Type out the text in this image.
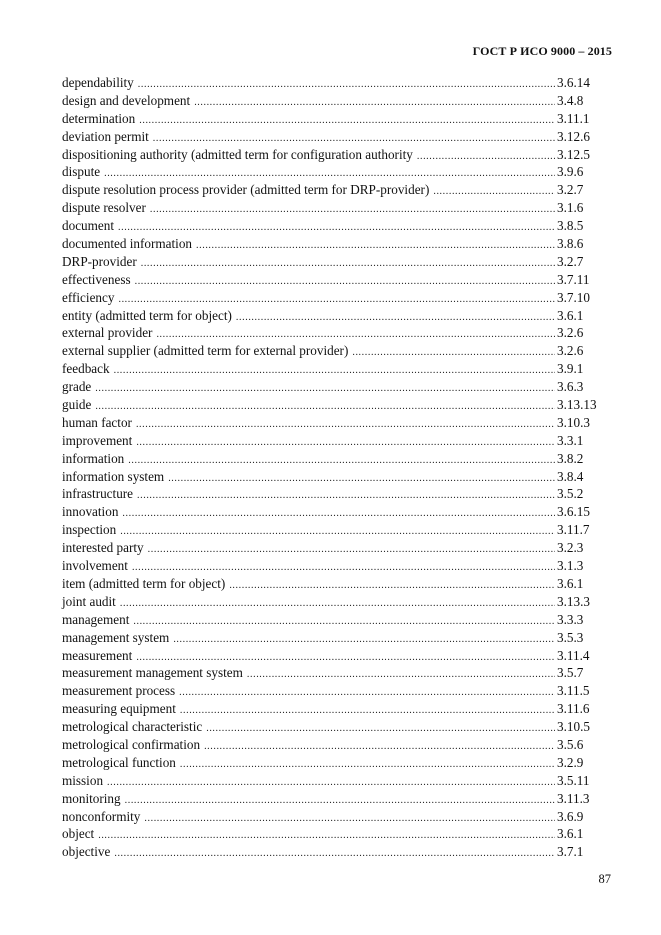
ГОСТ Р ИСО 9000 – 2015
dependability .....	3.6.14
design and development .....	3.4.8
determination .....	3.11.1
deviation permit .....	3.12.6
dispositioning authority (admitted term for configuration authority .....	3.12.5
dispute .....	3.9.6
dispute resolution process provider (admitted term for DRP-provider) .....	3.2.7
dispute resolver .....	3.1.6
document .....	3.8.5
documented information .....	3.8.6
DRP-provider .....	3.2.7
effectiveness .....	3.7.11
efficiency .....	3.7.10
entity (admitted term for object) .....	3.6.1
external provider .....	3.2.6
external supplier (admitted term for external provider) .....	3.2.6
feedback .....	3.9.1
grade .....	3.6.3
guide .....	3.13.13
human factor .....	3.10.3
improvement .....	3.3.1
information .....	3.8.2
information system .....	3.8.4
infrastructure .....	3.5.2
innovation .....	3.6.15
inspection .....	3.11.7
interested party .....	3.2.3
involvement .....	3.1.3
item (admitted term for object) .....	3.6.1
joint audit .....	3.13.3
management .....	3.3.3
management system .....	3.5.3
measurement .....	3.11.4
measurement management system .....	3.5.7
measurement process .....	3.11.5
measuring equipment .....	3.11.6
metrological characteristic .....	3.10.5
metrological confirmation .....	3.5.6
metrological function .....	3.2.9
mission .....	3.5.11
monitoring .....	3.11.3
nonconformity .....	3.6.9
object .....	3.6.1
objective .....	3.7.1
87
